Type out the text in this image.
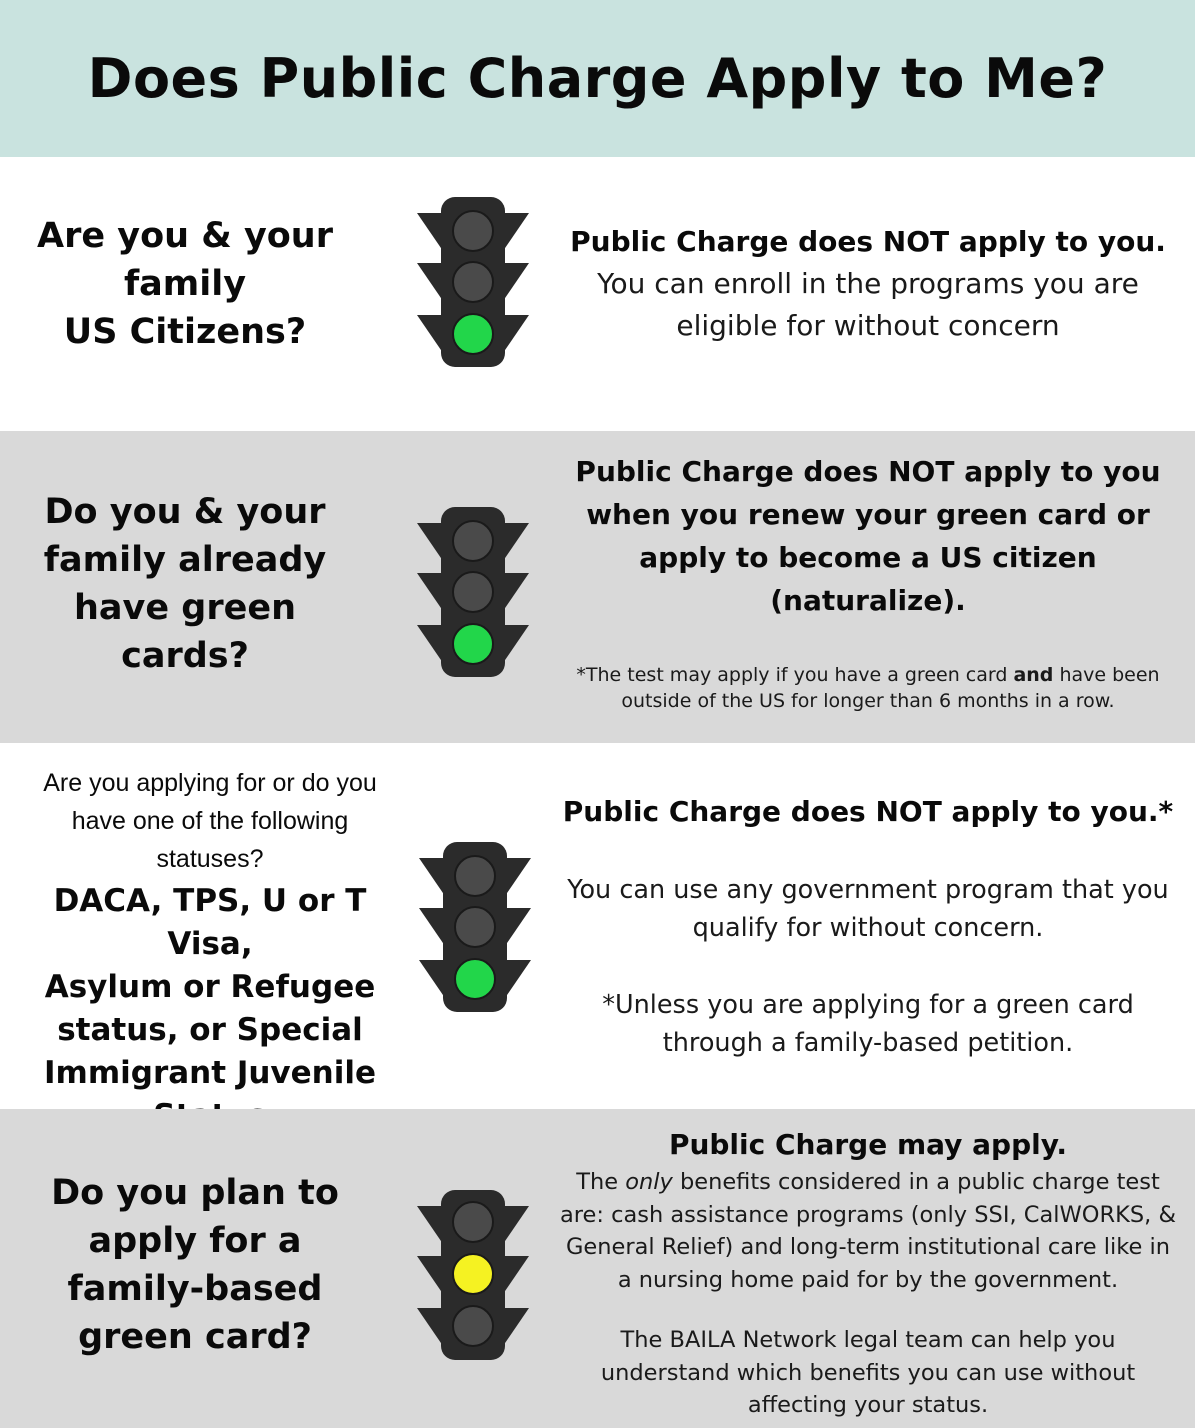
Does Public Charge Apply to Me?
Are you & your
family
US Citizens?
Public Charge does NOT apply to you.
You can enroll in the programs you are
eligible for without concern
Do you & your
family already
have green
cards?
Public Charge does NOT apply to you
when you renew your green card or
apply to become a US citizen
(naturalize).
*The test may apply if you have a green card and have been
outside of the US for longer than 6 months in a row.
Are you applying for or do you
have one of the following
statuses?
DACA, TPS, U or T Visa,
Asylum or Refugee
status, or Special
Immigrant Juvenile
Public Charge does NOT apply to you.*
You can use any government program that you
qualify for without concern.
*Unless you are applying for a green card
through a family-based petition.
Do you plan to
apply for a
family-based
green card?
Public Charge may apply.
The only benefits considered in a public charge test
are: cash assistance programs (only SSI, CalWORKS, &
General Relief) and long-term institutional care like in
a nursing home paid for by the government.
The BAILA Network legal team can help you
understand which benefits you can use without
affecting your status.
